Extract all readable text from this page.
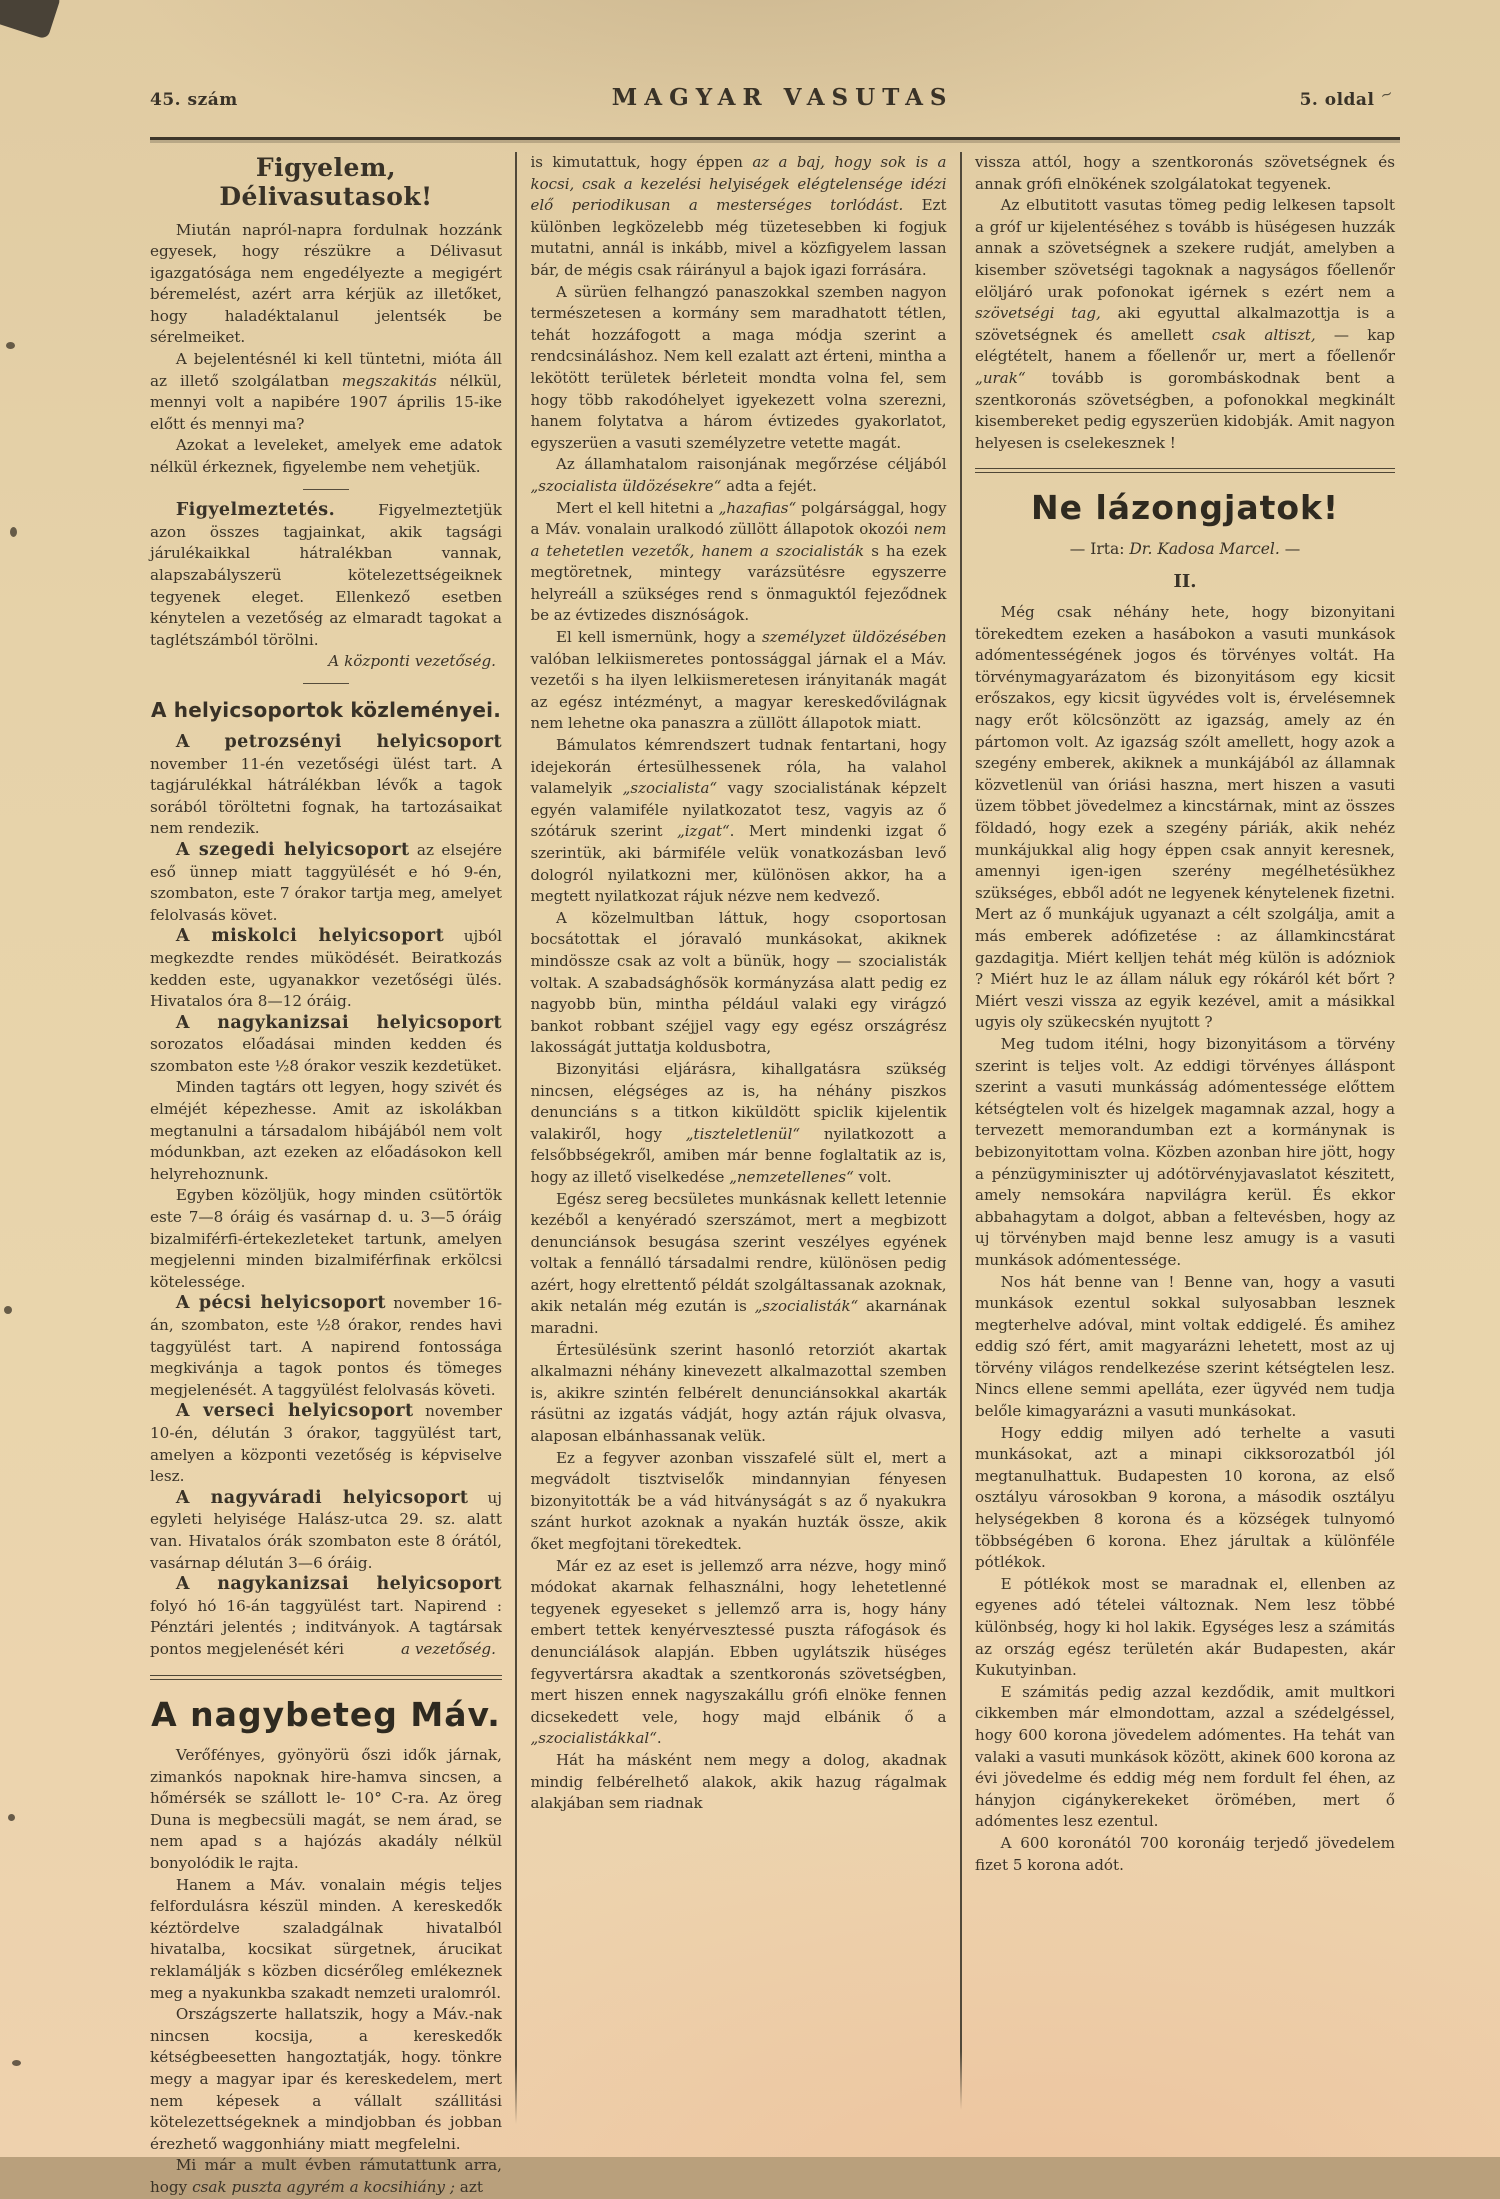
45. szám	MAGYAR VASUTAS	5. oldal ∼

Figyelem, Délivasutasok!

Miután napról-napra fordulnak hozzánk egyesek, hogy részükre a Délivasut igazgatósága nem engedélyezte a megigért béremelést, azért arra kérjük az illetőket, hogy haladéktalanul jelentsék be sérelmeiket.

A bejelentésnél ki kell tüntetni, mióta áll az illető szolgálatban megszakitás nélkül, mennyi volt a napibére 1907 április 15-ike előtt és mennyi ma?

Azokat a leveleket, amelyek eme adatok nélkül érkeznek, figyelembe nem vehetjük.

Figyelmeztetés. Figyelmeztetjük azon összes tagjainkat, akik tagsági járulékaikkal hátralékban vannak, alapszabályszerü kötelezettségeiknek tegyenek eleget. Ellenkező esetben kénytelen a vezetőség az elmaradt tagokat a taglétszámból törölni.

A központi vezetőség.

A helyicsoportok közleményei.

A petrozsényi helyicsoport november 11-én vezetőségi ülést tart. A tagjárulékkal hátrálékban lévők a tagok sorából töröltetni fognak, ha tartozásaikat nem rendezik.

A szegedi helyicsoport az elsejére eső ünnep miatt taggyülését e hó 9-én, szombaton, este 7 órakor tartja meg, amelyet felolvasás követ.

A miskolci helyicsoport ujból megkezdte rendes müködését. Beiratkozás kedden este, ugyanakkor vezetőségi ülés. Hivatalos óra 8—12 óráig.

A nagykanizsai helyicsoport sorozatos előadásai minden kedden és szombaton este ½8 órakor veszik kezdetüket.

Minden tagtárs ott legyen, hogy szivét és elméjét képezhesse. Amit az iskolákban megtanulni a társadalom hibájából nem volt módunkban, azt ezeken az előadásokon kell helyrehoznunk.

Egyben közöljük, hogy minden csütörtök este 7—8 óráig és vasárnap d. u. 3—5 óráig bizalmiférfi-értekezleteket tartunk, amelyen megjelenni minden bizalmiférfinak erkölcsi kötelessége.

A pécsi helyicsoport november 16-án, szombaton, este ½8 órakor, rendes havi taggyülést tart. A napirend fontossága megkivánja a tagok pontos és tömeges megjelenését. A taggyülést felolvasás követi.

A verseci helyicsoport november 10-én, délután 3 órakor, taggyülést tart, amelyen a központi vezetőség is képviselve lesz.

A nagyváradi helyicsoport uj egyleti helyisége Halász-utca 29. sz. alatt van. Hivatalos órák szombaton este 8 órától, vasárnap délután 3—6 óráig.

A nagykanizsai helyicsoport folyó hó 16-án taggyülést tart. Napirend : Pénztári jelentés ; inditványok. A tagtársak pontos megjelenését kéri	a vezetőség.

A nagybeteg Máv.

Verőfényes, gyönyörü őszi idők járnak, zimankós napoknak hire-hamva sincsen, a hőmérsék se szállott le- 10° C-ra. Az öreg Duna is megbecsüli magát, se nem árad, se nem apad s a hajózás akadály nélkül bonyolódik le rajta.

Hanem a Máv. vonalain mégis teljes felfordulásra készül minden. A kereskedők kéztördelve szaladgálnak hivatalból hivatalba, kocsikat sürgetnek, árucikat reklamálják s közben dicsérőleg emlékeznek meg a nyakunkba szakadt nemzeti uralomról.

Országszerte hallatszik, hogy a Máv.-nak nincsen kocsija, a kereskedők kétségbeesetten hangoztatják, hogy. tönkre megy a magyar ipar és kereskedelem, mert nem képesek a vállalt szállitási kötelezettségeknek a mindjobban és jobban érezhető waggonhiány miatt megfelelni.

Mi már a mult évben rámutattunk arra, hogy csak puszta agyrém a kocsihiány ; azt

is kimutattuk, hogy éppen az a baj, hogy sok is a kocsi, csak a kezelési helyiségek elégtelensége idézi elő periodikusan a mesterséges torlódást. Ezt különben legközelebb még tüzetesebben ki fogjuk mutatni, annál is inkább, mivel a közfigyelem lassan bár, de mégis csak ráirányul a bajok igazi forrására.

A sürüen felhangzó panaszokkal szemben nagyon természetesen a kormány sem maradhatott tétlen, tehát hozzáfogott a maga módja szerint a rendcsináláshoz. Nem kell ezalatt azt érteni, mintha a lekötött területek bérleteit mondta volna fel, sem hogy több rakodóhelyet igyekezett volna szerezni, hanem folytatva a három évtizedes gyakorlatot, egyszerüen a vasuti személyzetre vetette magát.

Az államhatalom raisonjának megőrzése céljából „szocialista üldözésekre“ adta a fejét.

Mert el kell hitetni a „hazafias“ polgársággal, hogy a Máv. vonalain uralkodó züllött állapotok okozói nem a tehetetlen vezetők, hanem a szocialisták s ha ezek megtöretnek, mintegy varázsütésre egyszerre helyreáll a szükséges rend s önmaguktól fejeződnek be az évtizedes disznóságok.

El kell ismernünk, hogy a személyzet üldözésében valóban lelkiismeretes pontossággal járnak el a Máv. vezetői s ha ilyen lelkiismeretesen irányitanák magát az egész intézményt, a magyar kereskedővilágnak nem lehetne oka panaszra a züllött állapotok miatt.

Bámulatos kémrendszert tudnak fentartani, hogy idejekorán értesülhessenek róla, ha valahol valamelyik „szocialista“ vagy szocialistának képzelt egyén valamiféle nyilatkozatot tesz, vagyis az ő szótáruk szerint „izgat“. Mert mindenki izgat ő szerintük, aki bármiféle velük vonatkozásban levő dologról nyilatkozni mer, különösen akkor, ha a megtett nyilatkozat rájuk nézve nem kedvező.

A közelmultban láttuk, hogy csoportosan bocsátottak el jóravaló munkásokat, akiknek mindössze csak az volt a bünük, hogy — szocialisták voltak. A szabadsághősök kormányzása alatt pedig ez nagyobb bün, mintha például valaki egy virágzó bankot robbant széjjel vagy egy egész országrész lakosságát juttatja koldusbotra,

Bizonyitási eljárásra, kihallgatásra szükség nincsen, elégséges az is, ha néhány piszkos denunciáns s a titkon kiküldött spiclik kijelentik valakiről, hogy „tiszteletlenül“ nyilatkozott a felsőbbségekről, amiben már benne foglaltatik az is, hogy az illető viselkedése „nemzetellenes“ volt.

Egész sereg becsületes munkásnak kellett letennie kezéből a kenyéradó szerszámot, mert a megbizott denunciánsok besugása szerint veszélyes egyének voltak a fennálló társadalmi rendre, különösen pedig azért, hogy elrettentő példát szolgáltassanak azoknak, akik netalán még ezután is „szocialisták“ akarnának maradni.

Értesülésünk szerint hasonló retorziót akartak alkalmazni néhány kinevezett alkalmazottal szemben is, akikre szintén felbérelt denunciánsokkal akarták rásütni az izgatás vádját, hogy aztán rájuk olvasva, alaposan elbánhassanak velük.

Ez a fegyver azonban visszafelé sült el, mert a megvádolt tisztviselők mindannyian fényesen bizonyitották be a vád hitványságát s az ő nyakukra szánt hurkot azoknak a nyakán huzták össze, akik őket megfojtani törekedtek.

Már ez az eset is jellemző arra nézve, hogy minő módokat akarnak felhasználni, hogy lehetetlenné tegyenek egyeseket s jellemző arra is, hogy hány embert tettek kenyérvesztessé puszta ráfogások és denunciálások alapján. Ebben ugylátszik hüséges fegyvertársra akadtak a szentkoronás szövetségben, mert hiszen ennek nagyszakállu grófi elnöke fennen dicsekedett vele, hogy majd elbánik ő a „szocialistákkal“.

Hát ha másként nem megy a dolog, akadnak mindig felbérelhető alakok, akik hazug rágalmak alakjában sem riadnak

vissza attól, hogy a szentkoronás szövetségnek és annak grófi elnökének szolgálatokat tegyenek.

Az elbutitott vasutas tömeg pedig lelkesen tapsolt a gróf ur kijelentéséhez s tovább is hüségesen huzzák annak a szövetségnek a szekere rudját, amelyben a kisember szövetségi tagoknak a nagyságos főellenőr elöljáró urak pofonokat igérnek s ezért nem a szövetségi tag, aki egyuttal alkalmazottja is a szövetségnek és amellett csak altiszt, — kap elégtételt, hanem a főellenőr ur, mert a főellenőr „urak“ tovább is gorombáskodnak bent a szentkoronás szövetségben, a pofonokkal megkinált kisembereket pedig egyszerüen kidobják. Amit nagyon helyesen is cselekesznek !

Ne lázongjatok!

— Irta: Dr. Kadosa Marcel. —

II.

Még csak néhány hete, hogy bizonyitani törekedtem ezeken a hasábokon a vasuti munkások adómentességének jogos és törvényes voltát. Ha törvénymagyarázatom és bizonyitásom egy kicsit erőszakos, egy kicsit ügyvédes volt is, érvelésemnek nagy erőt kölcsönzött az igazság, amely az én pártomon volt. Az igazság szólt amellett, hogy azok a szegény emberek, akiknek a munkájából az államnak közvetlenül van óriási haszna, mert hiszen a vasuti üzem többet jövedelmez a kincstárnak, mint az összes földadó, hogy ezek a szegény páriák, akik nehéz munkájukkal alig hogy éppen csak annyit keresnek, amennyi igen-igen szerény megélhetésükhez szükséges, ebből adót ne legyenek kénytelenek fizetni. Mert az ő munkájuk ugyanazt a célt szolgálja, amit a más emberek adófizetése : az államkincstárat gazdagitja. Miért kelljen tehát még külön is adózniok ? Miért huz le az állam náluk egy rókáról két bőrt ? Miért veszi vissza az egyik kezével, amit a másikkal ugyis oly szükecskén nyujtott ?

Meg tudom itélni, hogy bizonyitásom a törvény szerint is teljes volt. Az eddigi törvényes álláspont szerint a vasuti munkásság adómentessége előttem kétségtelen volt és hizelgek magamnak azzal, hogy a tervezett memorandumban ezt a kormánynak is bebizonyitottam volna. Közben azonban hire jött, hogy a pénzügyminiszter uj adótörvényjavaslatot készitett, amely nemsokára napvilágra kerül. És ekkor abbahagytam a dolgot, abban a feltevésben, hogy az uj törvényben majd benne lesz amugy is a vasuti munkások adómentessége.

Nos hát benne van ! Benne van, hogy a vasuti munkások ezentul sokkal sulyosabban lesznek megterhelve adóval, mint voltak eddigelé. És amihez eddig szó fért, amit magyarázni lehetett, most az uj törvény világos rendelkezése szerint kétségtelen lesz. Nincs ellene semmi apelláta, ezer ügyvéd nem tudja belőle kimagyarázni a vasuti munkásokat.

Hogy eddig milyen adó terhelte a vasuti munkásokat, azt a minapi cikksorozatból jól megtanulhattuk. Budapesten 10 korona, az első osztályu városokban 9 korona, a második osztályu helységekben 8 korona és a községek tulnyomó többségében 6 korona. Ehez járultak a különféle pótlékok.

E pótlékok most se maradnak el, ellenben az egyenes adó tételei változnak. Nem lesz többé különbség, hogy ki hol lakik. Egységes lesz a számitás az ország egész területén akár Budapesten, akár Kukutyinban.

E számitás pedig azzal kezdődik, amit multkori cikkemben már elmondottam, azzal a szédelgéssel, hogy 600 korona jövedelem adómentes. Ha tehát van valaki a vasuti munkások között, akinek 600 korona az évi jövedelme és eddig még nem fordult fel éhen, az hányjon cigánykerekeket örömében, mert ő adómentes lesz ezentul.

A 600 koronától 700 koronáig terjedő jövedelem fizet 5 korona adót.
